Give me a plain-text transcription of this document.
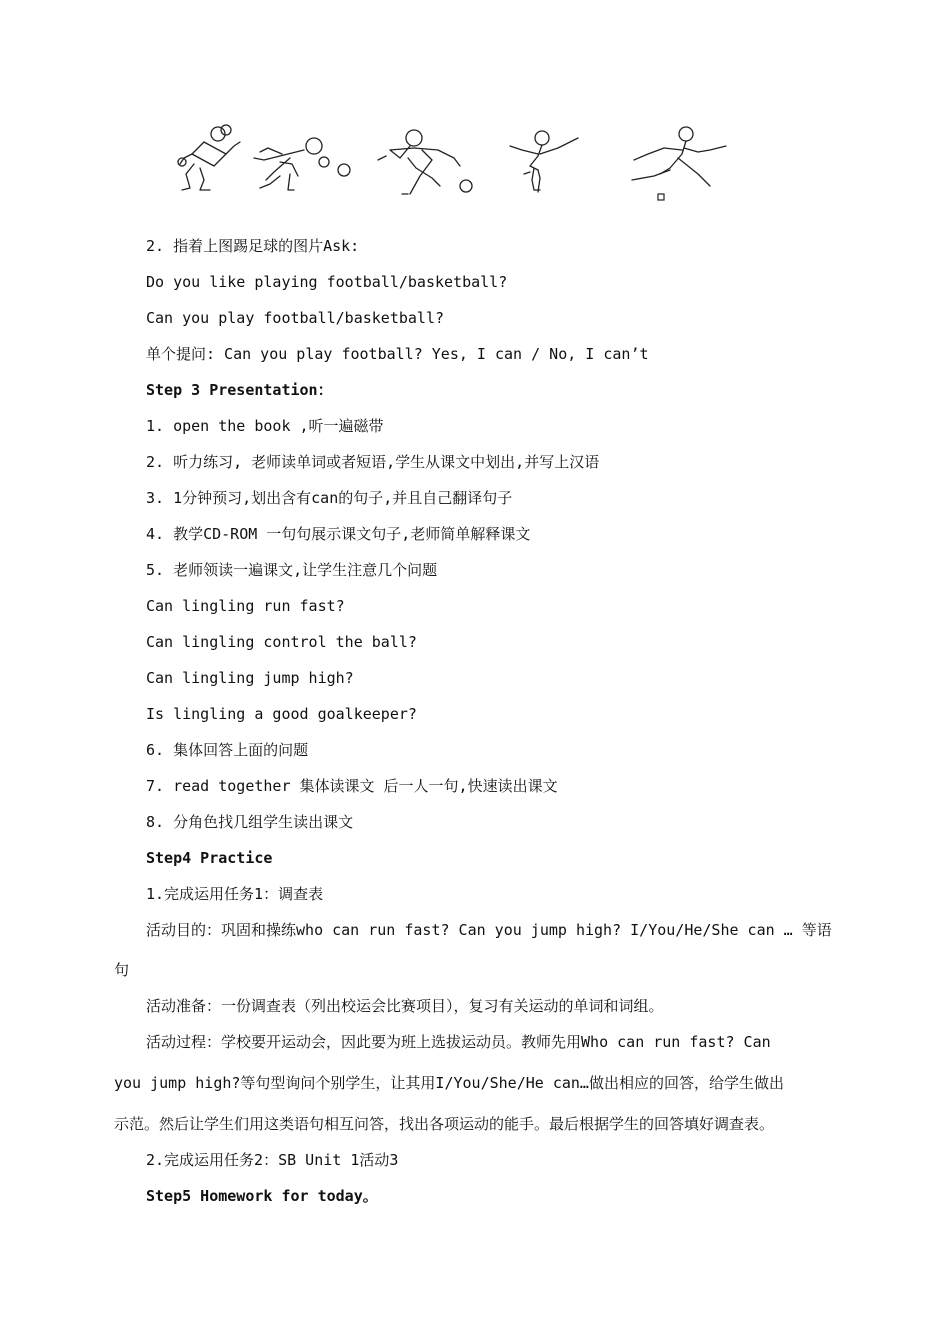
2. 指着上图踢足球的图片Ask:
Do you like playing football/basketball?
Can you play football/basketball?
单个提问: Can you play football? Yes, I can / No, I can’t
Step 3 Presentation：
1. open the book ,听一遍磁带
2. 听力练习, 老师读单词或者短语,学生从课文中划出,并写上汉语
3. 1分钟预习,划出含有can的句子,并且自己翻译句子
4. 教学CD-ROM 一句句展示课文句子,老师简单解释课文
5. 老师领读一遍课文,让学生注意几个问题
Can lingling run fast?
Can lingling control the ball?
Can lingling jump high?
Is lingling a good goalkeeper?
6. 集体回答上面的问题
7. read together 集体读课文 后一人一句,快速读出课文
8. 分角色找几组学生读出课文
Step4 Practice
1.完成运用任务1：调查表
活动目的：巩固和操练who can run fast? Can you jump high? I/You/He/She can … 等语
句
活动准备：一份调查表（列出校运会比赛项目），复习有关运动的单词和词组。
活动过程：学校要开运动会，因此要为班上选拔运动员。教师先用Who can run fast? Can
you jump high?等句型询问个别学生，让其用I/You/She/He can…做出相应的回答，给学生做出
示范。然后让学生们用这类语句相互问答，找出各项运动的能手。最后根据学生的回答填好调查表。
2.完成运用任务2：SB Unit 1活动3
Step5 Homework for today。
